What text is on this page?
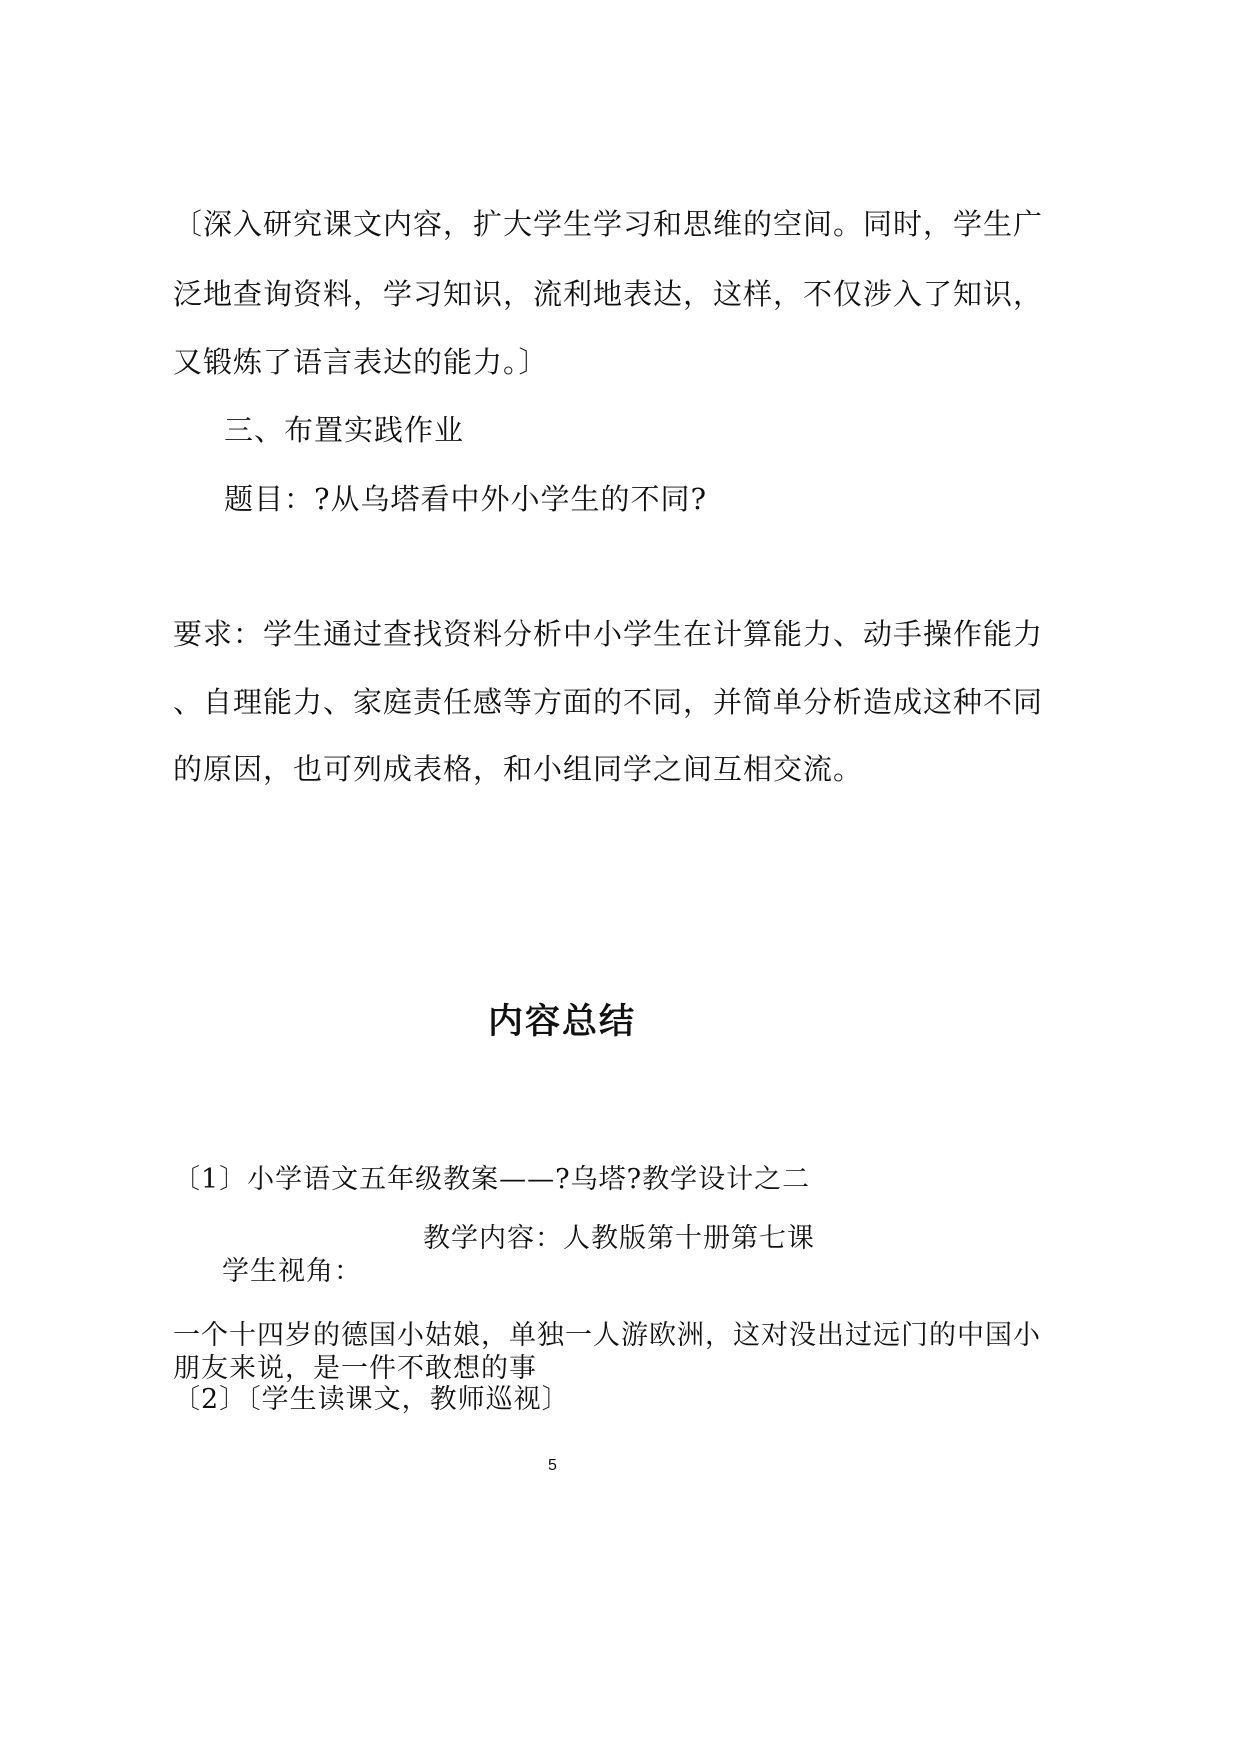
〔深入研究课文内容，扩大学生学习和思维的空间。同时，学生广

泛地查询资料，学习知识，流利地表达，这样，不仅涉入了知识，

又锻炼了语言表达的能力。〕

三、布置实践作业

题目：?从乌塔看中外小学生的不同?

要求：学生通过查找资料分析中小学生在计算能力、动手操作能力

、自理能力、家庭责任感等方面的不同，并简单分析造成这种不同

的原因，也可列成表格，和小组同学之间互相交流。

内容总结

〔1〕小学语文五年级教案——?乌塔?教学设计之二

教学内容：人教版第十册第七课

学生视角：

一个十四岁的德国小姑娘，单独一人游欧洲，这对没出过远门的中国小

朋友来说，是一件不敢想的事

〔2〕〔学生读课文，教师巡视〕

5
